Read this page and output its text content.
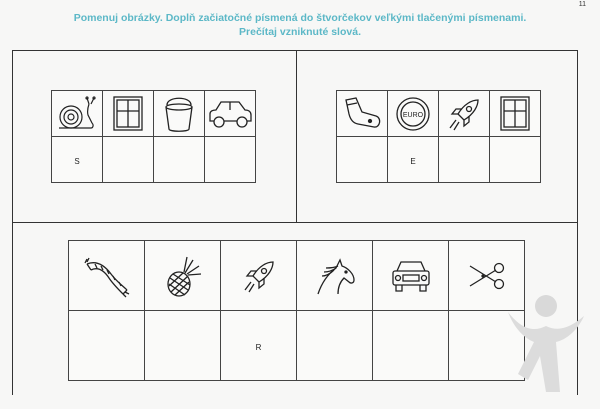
11
Pomenuj obrázky. Doplň začiatočné písmená do štvorčekov veľkými tlačenými písmenami.
Prečítaj vzniknuté slová.

S			

EURO

	E		

		R			
